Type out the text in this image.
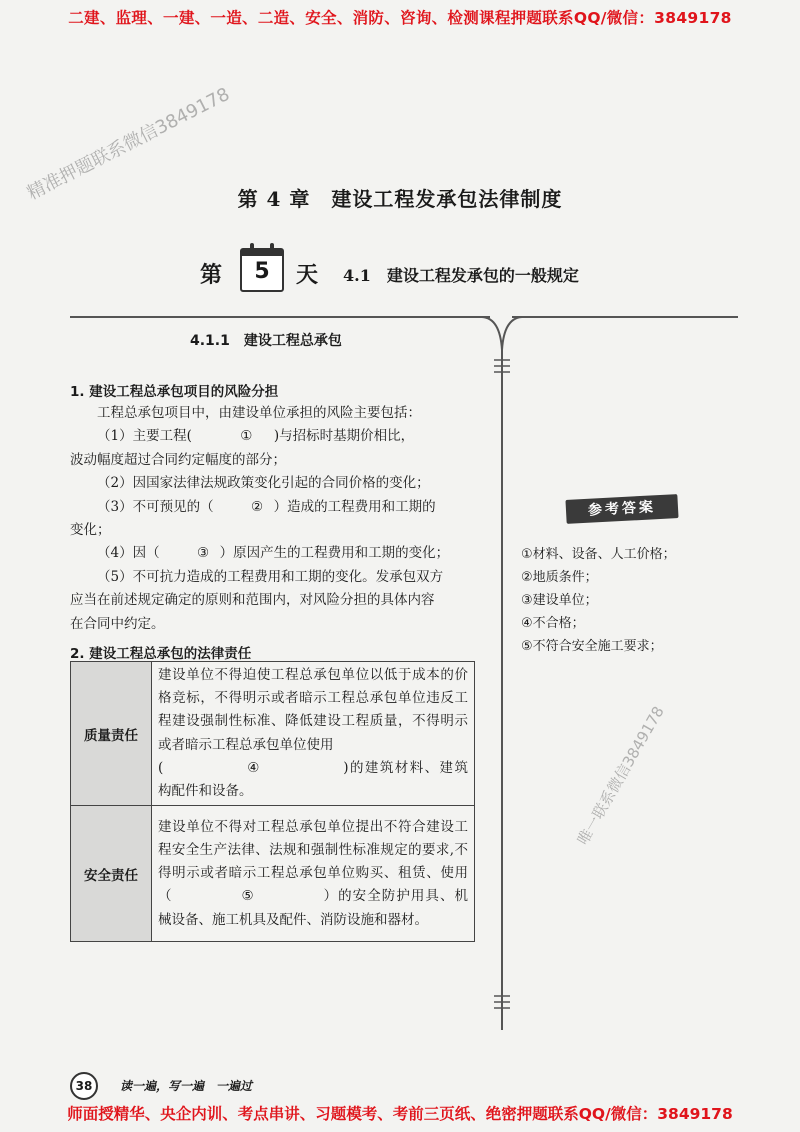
二建、监理、一建、一造、二造、安全、消防、咨询、检测课程押题联系QQ/微信：3849178
精准押题联系微信3849178 第 4 章　建设工程发承包法律制度
第	5	天 4.1　建设工程发承包的一般规定
4.1.1　建设工程总承包
1. 建设工程总承包项目的风险分担
工程总承包项目中，由建设单位承担的风险主要包括：
（1）主要工程(	① )与招标时基期价相比，
波动幅度超过合同约定幅度的部分；
（2）因国家法律法规政策变化引起的合同价格的变化；
（3）不可预见的（	② ）造成的工程费用和工期的
变化；
（4）因（	③ ）原因产生的工程费用和工期的变化；
（5）不可抗力造成的工程费用和工期的变化。发承包双方
应当在前述规定确定的原则和范围内，对风险分担的具体内容
在合同中约定。
2. 建设工程总承包的法律责任
质量责任	建设单位不得迫使工程总承包单位以低于成本的价格竞标，不得明示或者暗示工程总承包单位违反工程建设强制性标准、降低建设工程质量，不得明示或者暗示工程总承包单位使用
( ④ )的建筑材料、建筑构配件和设备。
安全责任	建设单位不得对工程总承包单位提出不符合建设工程安全生产法律、法规和强制性标准规定的要求,不得明示或者暗示工程总承包单位购买、租赁、使用（ ⑤ ）的安全防护用具、机械设备、施工机具及配件、消防设施和器材。
参考答案
①材料、设备、人工价格；
②地质条件；
③建设单位；
④不合格；
⑤不符合安全施工要求；
唯一联系微信3849178
38	读一遍，写一遍　一遍过
师面授精华、央企内训、考点串讲、习题模考、考前三页纸、绝密押题联系QQ/微信：3849178
